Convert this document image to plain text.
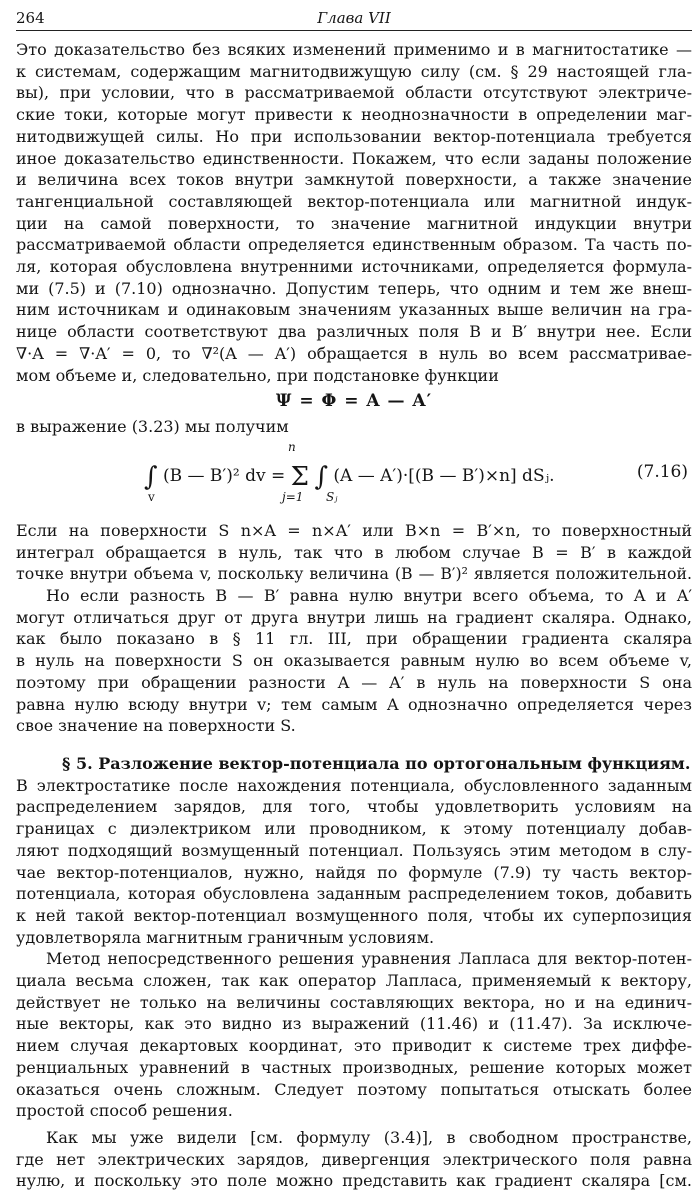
264	Глава VII
Это доказательство без всяких изменений применимо и в магнитостатике —
к системам, содержащим магнитодвижущую силу (см. § 29 настоящей гла-
вы), при условии, что в рассматриваемой области отсутствуют электриче-
ские токи, которые могут привести к неоднозначности в определении маг-
нитодвижущей силы. Но при использовании вектор-потенциала требуется
иное доказательство единственности. Покажем, что если заданы положение
и величина всех токов внутри замкнутой поверхности, а также значение
тангенциальной составляющей вектор-потенциала или магнитной индук-
ции на самой поверхности, то значение магнитной индукции внутри
рассматриваемой области определяется единственным образом. Та часть по-
ля, которая обусловлена внутренними источниками, определяется формула-
ми (7.5) и (7.10) однозначно. Допустим теперь, что одним и тем же внеш-
ним источникам и одинаковым значениям указанных выше величин на гра-
нице области соответствуют два различных поля B и B′ внутри нее. Если
∇·A = ∇·A′ = 0, то ∇²(A — A′) обращается в нуль во всем рассматривае-
мом объеме и, следовательно, при подстановке функции
Ψ = Φ = A — A′
в выражение (3.23) мы получим
n
∫ (B — B′)² dv = Σ ∫ (A — A′)·[(B — B′)×n] dSⱼ.
v	j=1 Sⱼ
(7.16)
Если на поверхности S n×A = n×A′ или B×n = B′×n, то поверхностный
интеграл обращается в нуль, так что в любом случае B = B′ в каждой
точке внутри объема v, поскольку величина (B — B′)² является положительной.
Но если разность B — B′ равна нулю внутри всего объема, то A и A′
могут отличаться друг от друга внутри лишь на градиент скаляра. Однако,
как было показано в § 11 гл. III, при обращении градиента скаляра
в нуль на поверхности S он оказывается равным нулю во всем объеме v,
поэтому при обращении разности A — A′ в нуль на поверхности S она
равна нулю всюду внутри v; тем самым A однозначно определяется через
свое значение на поверхности S.
§ 5. Разложение вектор-потенциала по ортогональным функциям.
В электростатике после нахождения потенциала, обусловленного заданным
распределением зарядов, для того, чтобы удовлетворить условиям на
границах с диэлектриком или проводником, к этому потенциалу добав-
ляют подходящий возмущенный потенциал. Пользуясь этим методом в слу-
чае вектор-потенциалов, нужно, найдя по формуле (7.9) ту часть вектор-
потенциала, которая обусловлена заданным распределением токов, добавить
к ней такой вектор-потенциал возмущенного поля, чтобы их суперпозиция
удовлетворяла магнитным граничным условиям.
Метод непосредственного решения уравнения Лапласа для вектор-потен-
циала весьма сложен, так как оператор Лапласа, применяемый к вектору,
действует не только на величины составляющих вектора, но и на единич-
ные векторы, как это видно из выражений (11.46) и (11.47). За исключе-
нием случая декартовых координат, это приводит к системе трех диффе-
ренциальных уравнений в частных производных, решение которых может
оказаться очень сложным. Следует поэтому попытаться отыскать более
простой способ решения.
Как мы уже видели [см. формулу (3.4)], в свободном пространстве,
где нет электрических зарядов, дивергенция электрического поля равна
нулю, и поскольку это поле можно представить как градиент скаляра [см.
